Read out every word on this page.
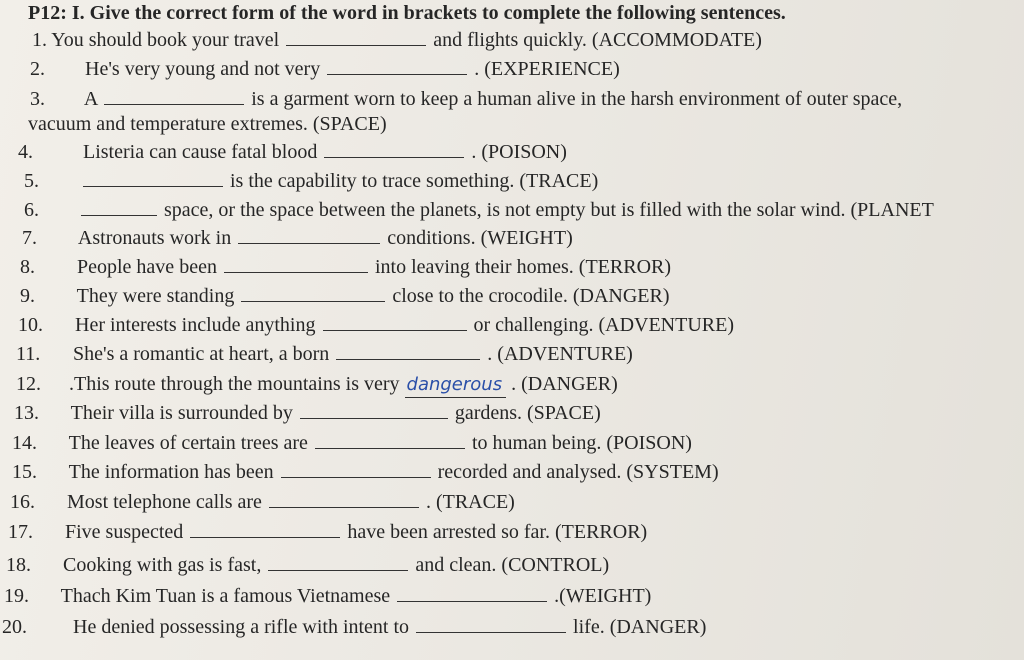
P12: I. Give the correct form of the word in brackets to complete the following sentences.
1. You should book your travel	and flights quickly. (ACCOMMODATE)
2. He's very young and not very	. (EXPERIENCE)
3. A	is a garment worn to keep a human alive in the harsh environment of outer space,
vacuum and temperature extremes. (SPACE)
4.	Listeria can cause fatal blood	. (POISON)
5.	is the capability to trace something. (TRACE)
6.	space, or the space between the planets, is not empty but is filled with the solar wind. (PLANET
7. Astronauts work in	conditions. (WEIGHT)
8. People have been	into leaving their homes. (TERROR)
9. They were standing	close to the crocodile. (DANGER)
10. Her interests include anything	or challenging. (ADVENTURE)
11. She's a romantic at heart, a born	. (ADVENTURE)
12. .This route through the mountains is very dangerous . (DANGER)
13. Their villa is surrounded by	gardens. (SPACE)
14. The leaves of certain trees are	to human being. (POISON)
15. The information has been	recorded and analysed. (SYSTEM)
16. Most telephone calls are	. (TRACE)
17. Five suspected	have been arrested so far. (TERROR)
18. Cooking with gas is fast,	and clean. (CONTROL)
19. Thach Kim Tuan is a famous Vietnamese	.(WEIGHT)
20. He denied possessing a rifle with intent to	life. (DANGER)
